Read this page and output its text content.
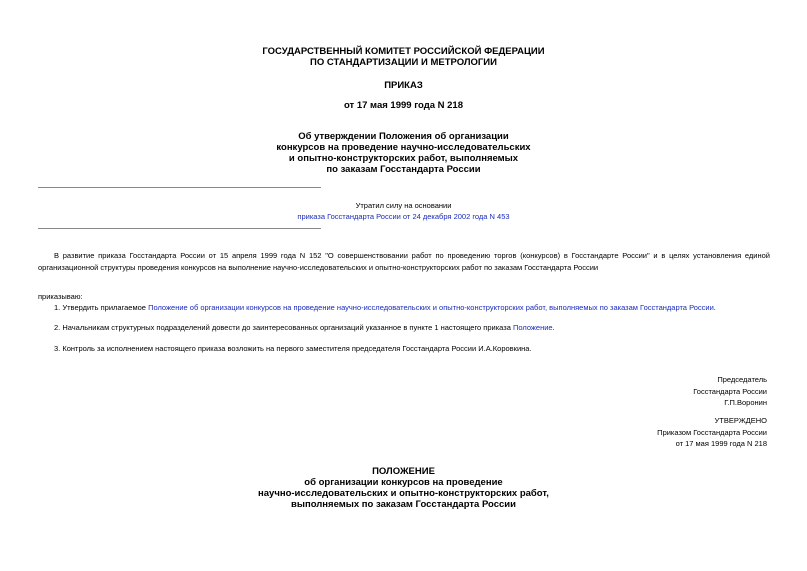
ГОСУДАРСТВЕННЫЙ КОМИТЕТ РОССИЙСКОЙ ФЕДЕРАЦИИ
ПО СТАНДАРТИЗАЦИИ И МЕТРОЛОГИИ
ПРИКАЗ
от 17 мая 1999 года N 218
Об утверждении Положения об организации
конкурсов на проведение научно-исследовательских
и опытно-конструкторских работ, выполняемых
по заказам Госстандарта России
Утратил силу на основании
приказа Госстандарта России от 24 декабря 2002 года N 453
В развитие приказа Госстандарта России от 15 апреля 1999 года N 152 "О совершенствовании работ по проведению торгов (конкурсов) в Госстандарте России" и в целях установления единой организационной структуры проведения конкурсов на выполнение научно-исследовательских и опытно-конструкторских работ по заказам Госстандарта России
приказываю:
1. Утвердить прилагаемое Положение об организации конкурсов на проведение научно-исследовательских и опытно-конструкторских работ, выполняемых по заказам Госстандарта России.
2. Начальникам структурных подразделений довести до заинтересованных организаций указанное в пункте 1 настоящего приказа Положение.
3. Контроль за исполнением настоящего приказа возложить на первого заместителя председателя Госстандарта России И.А.Коровкина.
Председатель
Госстандарта России
Г.П.Воронин
УТВЕРЖДЕНО
Приказом Госстандарта России
от 17 мая 1999 года N 218
ПОЛОЖЕНИЕ
об организации конкурсов на проведение
научно-исследовательских и опытно-конструкторских работ,
выполняемых по заказам Госстандарта России
